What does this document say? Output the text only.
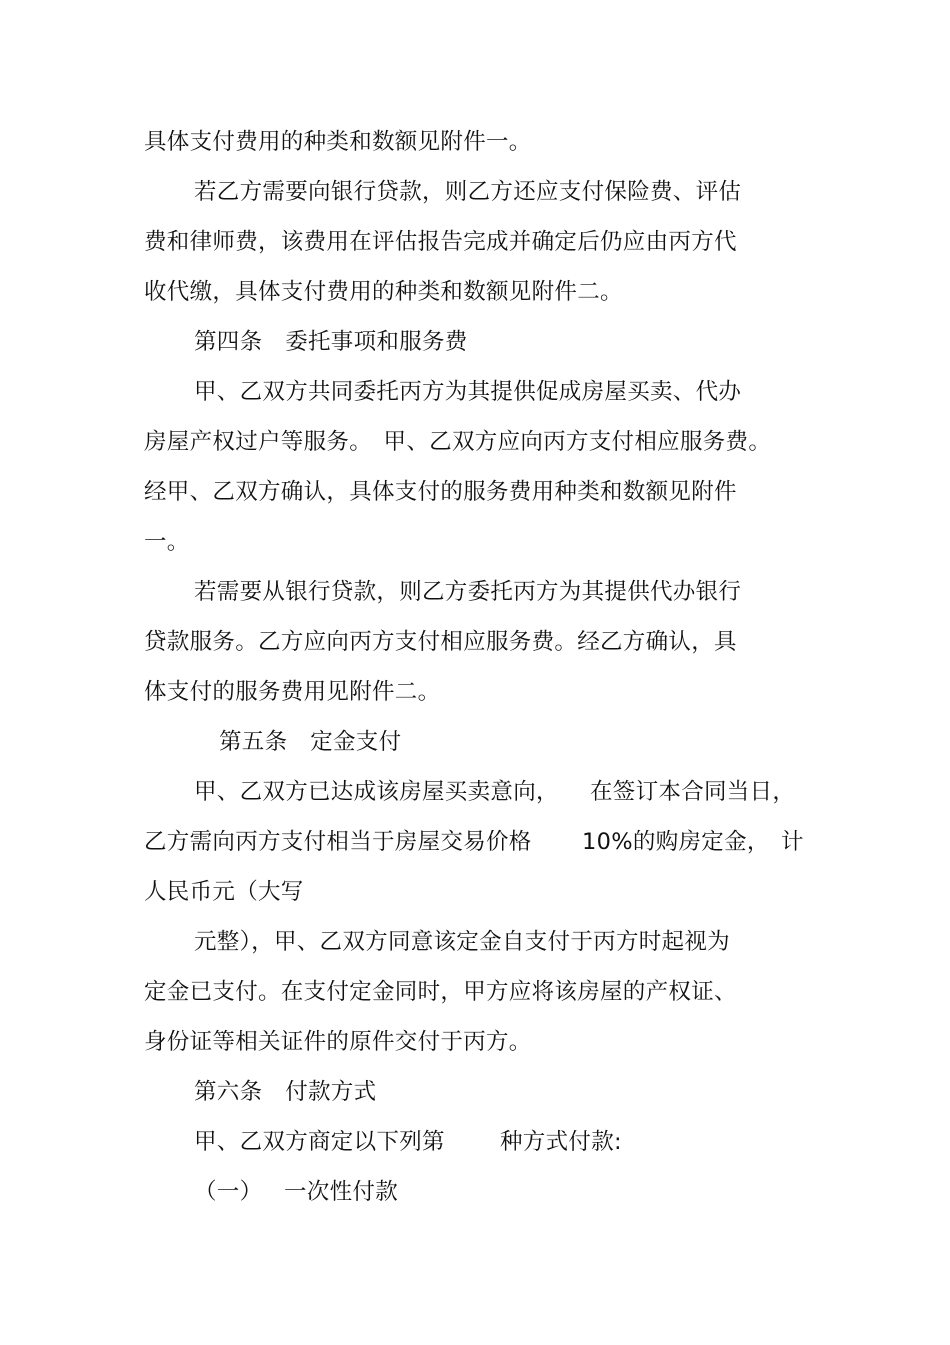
具体支付费用的种类和数额见附件一。
若乙方需要向银行贷款，则乙方还应支付保险费、评估
费和律师费，该费用在评估报告完成并确定后仍应由丙方代
收代缴，具体支付费用的种类和数额见附件二。
第四条　委托事项和服务费
甲、乙双方共同委托丙方为其提供促成房屋买卖、代办
房屋产权过户等服务。　甲、乙双方应向丙方支付相应服务费。
经甲、乙双方确认，具体支付的服务费用种类和数额见附件
一。
若需要从银行贷款，则乙方委托丙方为其提供代办银行
贷款服务。乙方应向丙方支付相应服务费。经乙方确认，具
体支付的服务费用见附件二。
第五条　定金支付
甲、乙双方已达成该房屋买卖意向， 在签订本合同当日，
乙方需向丙方支付相当于房屋交易价格 10%的购房定金， 计
人民币元（大写
元整），甲、乙双方同意该定金自支付于丙方时起视为
定金已支付。在支付定金同时，甲方应将该房屋的产权证、
身份证等相关证件的原件交付于丙方。
第六条　付款方式
甲、乙双方商定以下列第 种方式付款:
（一） 一次性付款
